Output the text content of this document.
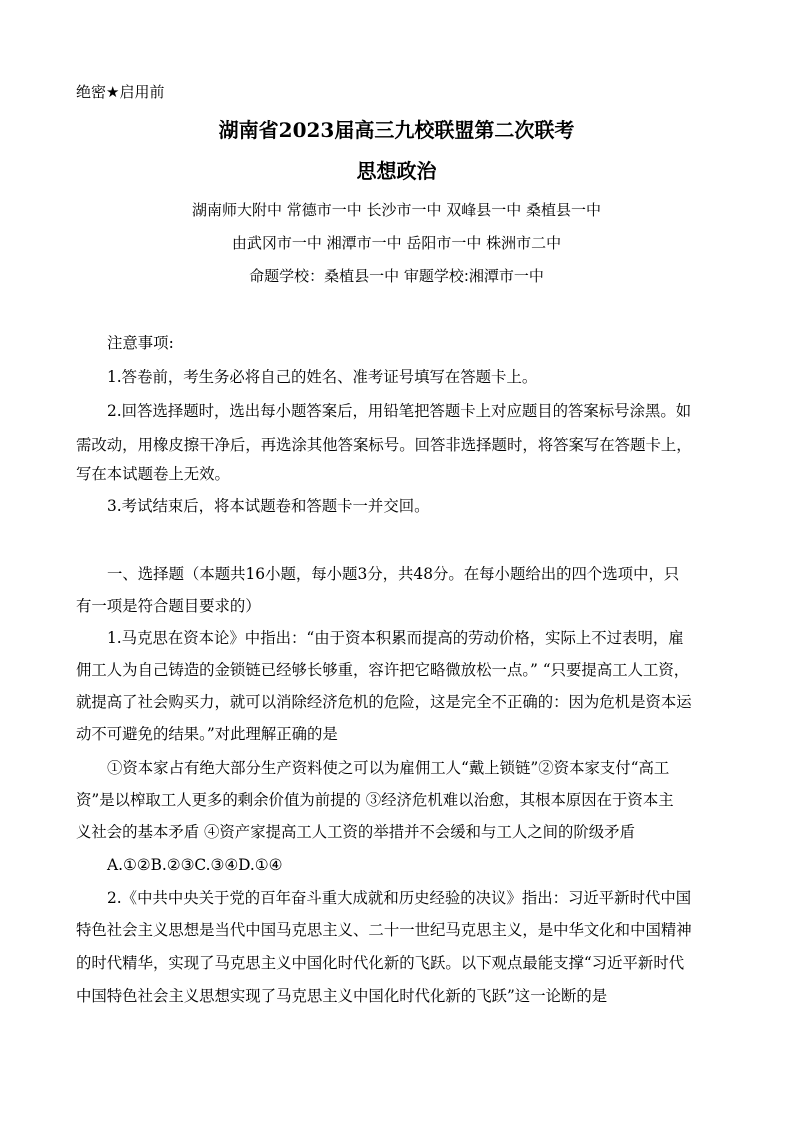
绝密★启用前
湖南省2023届高三九校联盟第二次联考
思想政治
湖南师大附中 常德市一中 长沙市一中 双峰县一中 桑植县一中
由武冈市一中 湘潭市一中 岳阳市一中 株洲市二中
命题学校：桑植县一中 审题学校:湘潭市一中
注意事项:
1.答卷前，考生务必将自己的姓名、准考证号填写在答题卡上。
2.回答选择题时，选出每小题答案后，用铅笔把答题卡上对应题目的答案标号涂黑。如
需改动，用橡皮擦干净后，再选涂其他答案标号。回答非选择题时，将答案写在答题卡上，
写在本试题卷上无效。
3.考试结束后，将本试题卷和答题卡一并交回。
一、选择题（本题共16小题，每小题3分，共48分。在每小题给出的四个选项中，只
有一项是符合题目要求的）
1.马克思在资本论》中指出：“由于资本积累而提高的劳动价格，实际上不过表明，雇
佣工人为自己铸造的金锁链已经够长够重，容许把它略微放松一点。” “只要提高工人工资，
就提高了社会购买力，就可以消除经济危机的危险，这是完全不正确的：因为危机是资本运
动不可避免的结果。”对此理解正确的是
①资本家占有绝大部分生产资料使之可以为雇佣工人“戴上锁链”②资本家支付“高工
资”是以榨取工人更多的剩余价值为前提的 ③经济危机难以治愈，其根本原因在于资本主
义社会的基本矛盾 ④资产家提高工人工资的举措并不会缓和与工人之间的阶级矛盾
A.①②B.②③C.③④D.①④
2.《中共中央关于党的百年奋斗重大成就和历史经验的决议》指出：习近平新时代中国
特色社会主义思想是当代中国马克思主义、二十一世纪马克思主义，是中华文化和中国精神
的时代精华，实现了马克思主义中国化时代化新的飞跃。以下观点最能支撑“习近平新时代
中国特色社会主义思想实现了马克思主义中国化时代化新的飞跃”这一论断的是
